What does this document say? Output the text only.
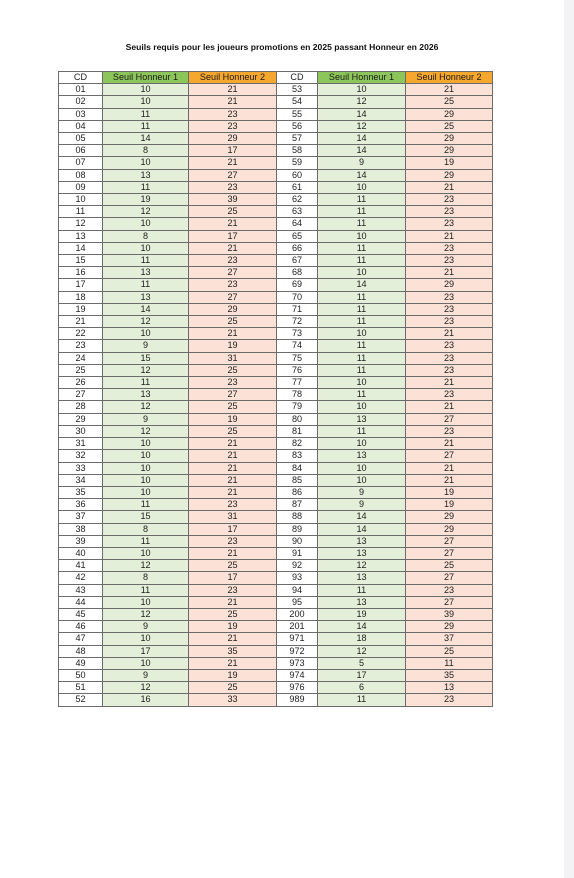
Seuils requis pour les joueurs promotions en 2025 passant Honneur en 2026
CD	Seuil Honneur 1	Seuil Honneur 2	CD	Seuil Honneur 1	Seuil Honneur 2
01	10	21	53	10	21
02	10	21	54	12	25
03	11	23	55	14	29
04	11	23	56	12	25
05	14	29	57	14	29
06	8	17	58	14	29
07	10	21	59	9	19
08	13	27	60	14	29
09	11	23	61	10	21
10	19	39	62	11	23
11	12	25	63	11	23
12	10	21	64	11	23
13	8	17	65	10	21
14	10	21	66	11	23
15	11	23	67	11	23
16	13	27	68	10	21
17	11	23	69	14	29
18	13	27	70	11	23
19	14	29	71	11	23
21	12	25	72	11	23
22	10	21	73	10	21
23	9	19	74	11	23
24	15	31	75	11	23
25	12	25	76	11	23
26	11	23	77	10	21
27	13	27	78	11	23
28	12	25	79	10	21
29	9	19	80	13	27
30	12	25	81	11	23
31	10	21	82	10	21
32	10	21	83	13	27
33	10	21	84	10	21
34	10	21	85	10	21
35	10	21	86	9	19
36	11	23	87	9	19
37	15	31	88	14	29
38	8	17	89	14	29
39	11	23	90	13	27
40	10	21	91	13	27
41	12	25	92	12	25
42	8	17	93	13	27
43	11	23	94	11	23
44	10	21	95	13	27
45	12	25	200	19	39
46	9	19	201	14	29
47	10	21	971	18	37
48	17	35	972	12	25
49	10	21	973	5	11
50	9	19	974	17	35
51	12	25	976	6	13
52	16	33	989	11	23
